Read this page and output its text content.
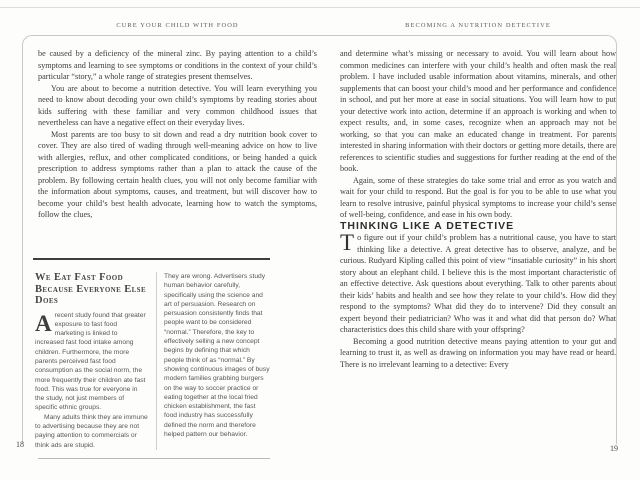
CURE YOUR CHILD WITH FOOD	BECOMING A NUTRITION DETECTIVE

be caused by a deficiency of the mineral zinc. By paying attention to a child’s symptoms and learning to see symptoms or conditions in the context of your child’s particular “story,” a whole range of strategies present themselves.

You are about to become a nutrition detective. You will learn everything you need to know about decoding your own child’s symptoms by reading stories about kids suffering with these familiar and very common childhood issues that nevertheless can have a negative effect on their everyday lives.

Most parents are too busy to sit down and read a dry nutrition book cover to cover. They are also tired of wading through well-meaning advice on how to live with allergies, reflux, and other complicated conditions, or being handed a quick prescription to address symptoms rather than a plan to attack the cause of the problem. By following certain health clues, you will not only become familiar with the information about symptoms, causes, and treatment, but will discover how to become your child’s best health advocate, learning how to watch the symptoms, follow the clues,

We Eat Fast Food Because Everyone Else Does

Arecent study found that greater exposure to fast food marketing is linked to increased fast food intake among children. Furthermore, the more parents perceived fast food consumption as the social norm, the more frequently their children ate fast food. This was true for everyone in the study, not just members of specific ethnic groups.

Many adults think they are immune to advertising because they are not paying attention to commercials or think ads are stupid.

They are wrong. Advertisers study human behavior carefully, specifically using the science and art of persuasion. Research on persuasion consistently finds that people want to be considered “normal.” Therefore, the key to effectively selling a new concept begins by defining that which people think of as “normal.” By showing continuous images of busy modern families grabbing burgers on the way to soccer practice or eating together at the local fried chicken establishment, the fast food industry has successfully defined the norm and therefore helped pattern our behavior.

and determine what’s missing or necessary to avoid. You will learn about how common medicines can interfere with your child’s health and often mask the real problem. I have included usable information about vitamins, minerals, and other supplements that can boost your child’s mood and her performance and confidence in school, and put her more at ease in social situations. You will learn how to put your detective work into action, determine if an approach is working and when to expect results, and, in some cases, recognize when an approach may not be working, so that you can make an educated change in treatment. For parents interested in sharing information with their doctors or getting more details, there are references to scientific studies and suggestions for further reading at the end of the book.

Again, some of these strategies do take some trial and error as you watch and wait for your child to respond. But the goal is for you to be able to use what you learn to resolve intrusive, painful physical symptoms to increase your child’s sense of well-being, confidence, and ease in his own body.

THINKING LIKE A DETECTIVE

To figure out if your child’s problem has a nutritional cause, you have to start thinking like a detective. A great detective has to observe, analyze, and be curious. Rudyard Kipling called this point of view “insatiable curiosity” in his short story about an elephant child. I believe this is the most important characteristic of an effective detective. Ask questions about everything. Talk to other parents about their kids’ habits and health and see how they relate to your child’s. How did they respond to the symptoms? What did they do to intervene? Did they consult an expert beyond their pediatrician? Who was it and what did that person do? What characteristics does this child share with your offspring?

Becoming a good nutrition detective means paying attention to your gut and learning to trust it, as well as drawing on information you may have read or heard. There is no irrelevant learning to a detective: Every

18	19
